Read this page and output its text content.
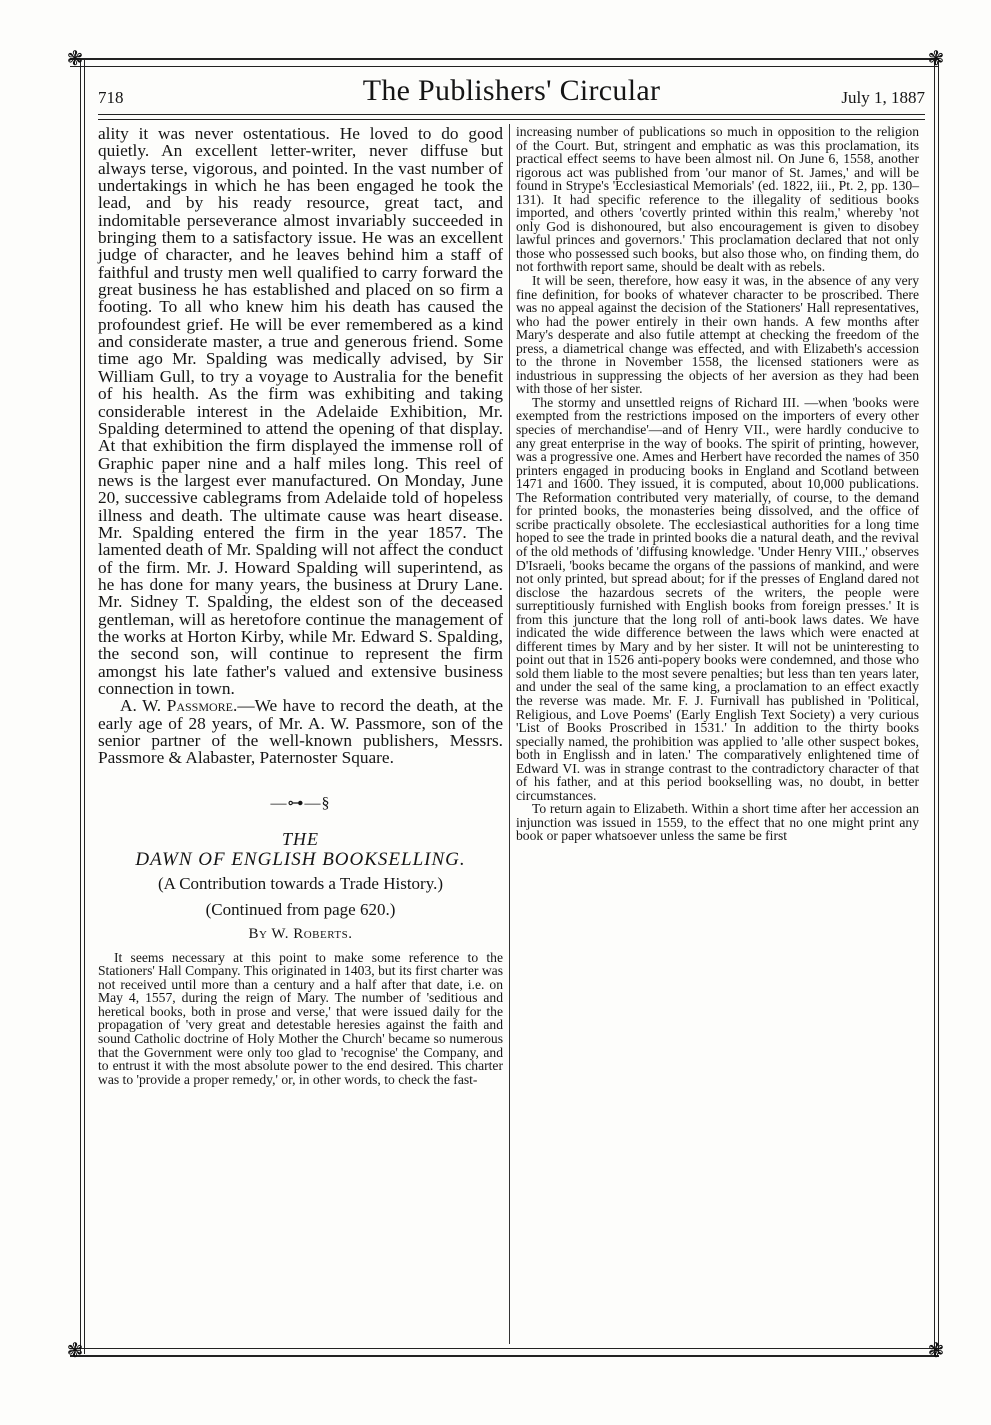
❃	❃
❃	❃
718	The Publishers' Circular	July 1, 1887

ality it was never ostentatious. He loved to do good quietly. An excellent letter-writer, never diffuse but always terse, vigorous, and pointed. In the vast number of undertakings in which he has been engaged he took the lead, and by his ready resource, great tact, and indomitable perseverance almost invariably succeeded in bringing them to a satisfactory issue. He was an excellent judge of character, and he leaves behind him a staff of faithful and trusty men well qualified to carry forward the great business he has established and placed on so firm a footing. To all who knew him his death has caused the profoundest grief. He will be ever remembered as a kind and considerate master, a true and generous friend. Some time ago Mr. Spalding was medically advised, by Sir William Gull, to try a voyage to Australia for the benefit of his health. As the firm was exhibiting and taking considerable interest in the Adelaide Exhibition, Mr. Spalding determined to attend the opening of that display. At that exhibition the firm displayed the immense roll of Graphic paper nine and a half miles long. This reel of news is the largest ever manufactured. On Monday, June 20, successive cablegrams from Adelaide told of hopeless illness and death. The ultimate cause was heart disease. Mr. Spalding entered the firm in the year 1857. The lamented death of Mr. Spalding will not affect the conduct of the firm. Mr. J. Howard Spalding will superintend, as he has done for many years, the business at Drury Lane. Mr. Sidney T. Spalding, the eldest son of the deceased gentleman, will as heretofore continue the management of the works at Horton Kirby, while Mr. Edward S. Spalding, the second son, will continue to represent the firm amongst his late father's valued and extensive business connection in town.

A. W. Passmore.—We have to record the death, at the early age of 28 years, of Mr. A. W. Passmore, son of the senior partner of the well-known publishers, Messrs. Passmore & Alabaster, Paternoster Square.

—⊶—§
THE
DAWN OF ENGLISH BOOKSELLING.
(A Contribution towards a Trade History.)
(Continued from page 620.)
By W. Roberts.

It seems necessary at this point to make some reference to the Stationers' Hall Company. This originated in 1403, but its first charter was not received until more than a century and a half after that date, i.e. on May 4, 1557, during the reign of Mary. The number of 'seditious and heretical books, both in prose and verse,' that were issued daily for the propagation of 'very great and detestable heresies against the faith and sound Catholic doctrine of Holy Mother the Church' became so numerous that the Government were only too glad to 'recognise' the Company, and to entrust it with the most absolute power to the end desired. This charter was to 'provide a proper remedy,' or, in other words, to check the fast-

increasing number of publications so much in opposition to the religion of the Court. But, stringent and emphatic as was this proclamation, its practical effect seems to have been almost nil. On June 6, 1558, another rigorous act was published from 'our manor of St. James,' and will be found in Strype's 'Ecclesiastical Memorials' (ed. 1822, iii., Pt. 2, pp. 130–131). It had specific reference to the illegality of seditious books imported, and others 'covertly printed within this realm,' whereby 'not only God is dishonoured, but also encouragement is given to disobey lawful princes and governors.' This proclamation declared that not only those who possessed such books, but also those who, on finding them, do not forthwith report same, should be dealt with as rebels.

It will be seen, therefore, how easy it was, in the absence of any very fine definition, for books of whatever character to be proscribed. There was no appeal against the decision of the Stationers' Hall representatives, who had the power entirely in their own hands. A few months after Mary's desperate and also futile attempt at checking the freedom of the press, a diametrical change was effected, and with Elizabeth's accession to the throne in November 1558, the licensed stationers were as industrious in suppressing the objects of her aversion as they had been with those of her sister.

The stormy and unsettled reigns of Richard III. —when 'books were exempted from the restrictions imposed on the importers of every other species of merchandise'—and of Henry VII., were hardly conducive to any great enterprise in the way of books. The spirit of printing, however, was a progressive one. Ames and Herbert have recorded the names of 350 printers engaged in producing books in England and Scotland between 1471 and 1600. They issued, it is computed, about 10,000 publications. The Reformation contributed very materially, of course, to the demand for printed books, the monasteries being dissolved, and the office of scribe practically obsolete. The ecclesiastical authorities for a long time hoped to see the trade in printed books die a natural death, and the revival of the old methods of 'diffusing knowledge. 'Under Henry VIII.,' observes D'Israeli, 'books became the organs of the passions of mankind, and were not only printed, but spread about; for if the presses of England dared not disclose the hazardous secrets of the writers, the people were surreptitiously furnished with English books from foreign presses.' It is from this juncture that the long roll of anti-book laws dates. We have indicated the wide difference between the laws which were enacted at different times by Mary and by her sister. It will not be uninteresting to point out that in 1526 anti-popery books were condemned, and those who sold them liable to the most severe penalties; but less than ten years later, and under the seal of the same king, a proclamation to an effect exactly the reverse was made. Mr. F. J. Furnivall has published in 'Political, Religious, and Love Poems' (Early English Text Society) a very curious 'List of Books Proscribed in 1531.' In addition to the thirty books specially named, the prohibition was applied to 'alle other suspect bokes, both in Englissh and in laten.' The comparatively enlightened time of Edward VI. was in strange contrast to the contradictory character of that of his father, and at this period bookselling was, no doubt, in better circumstances.

To return again to Elizabeth. Within a short time after her accession an injunction was issued in 1559, to the effect that no one might print any book or paper whatsoever unless the same be first
